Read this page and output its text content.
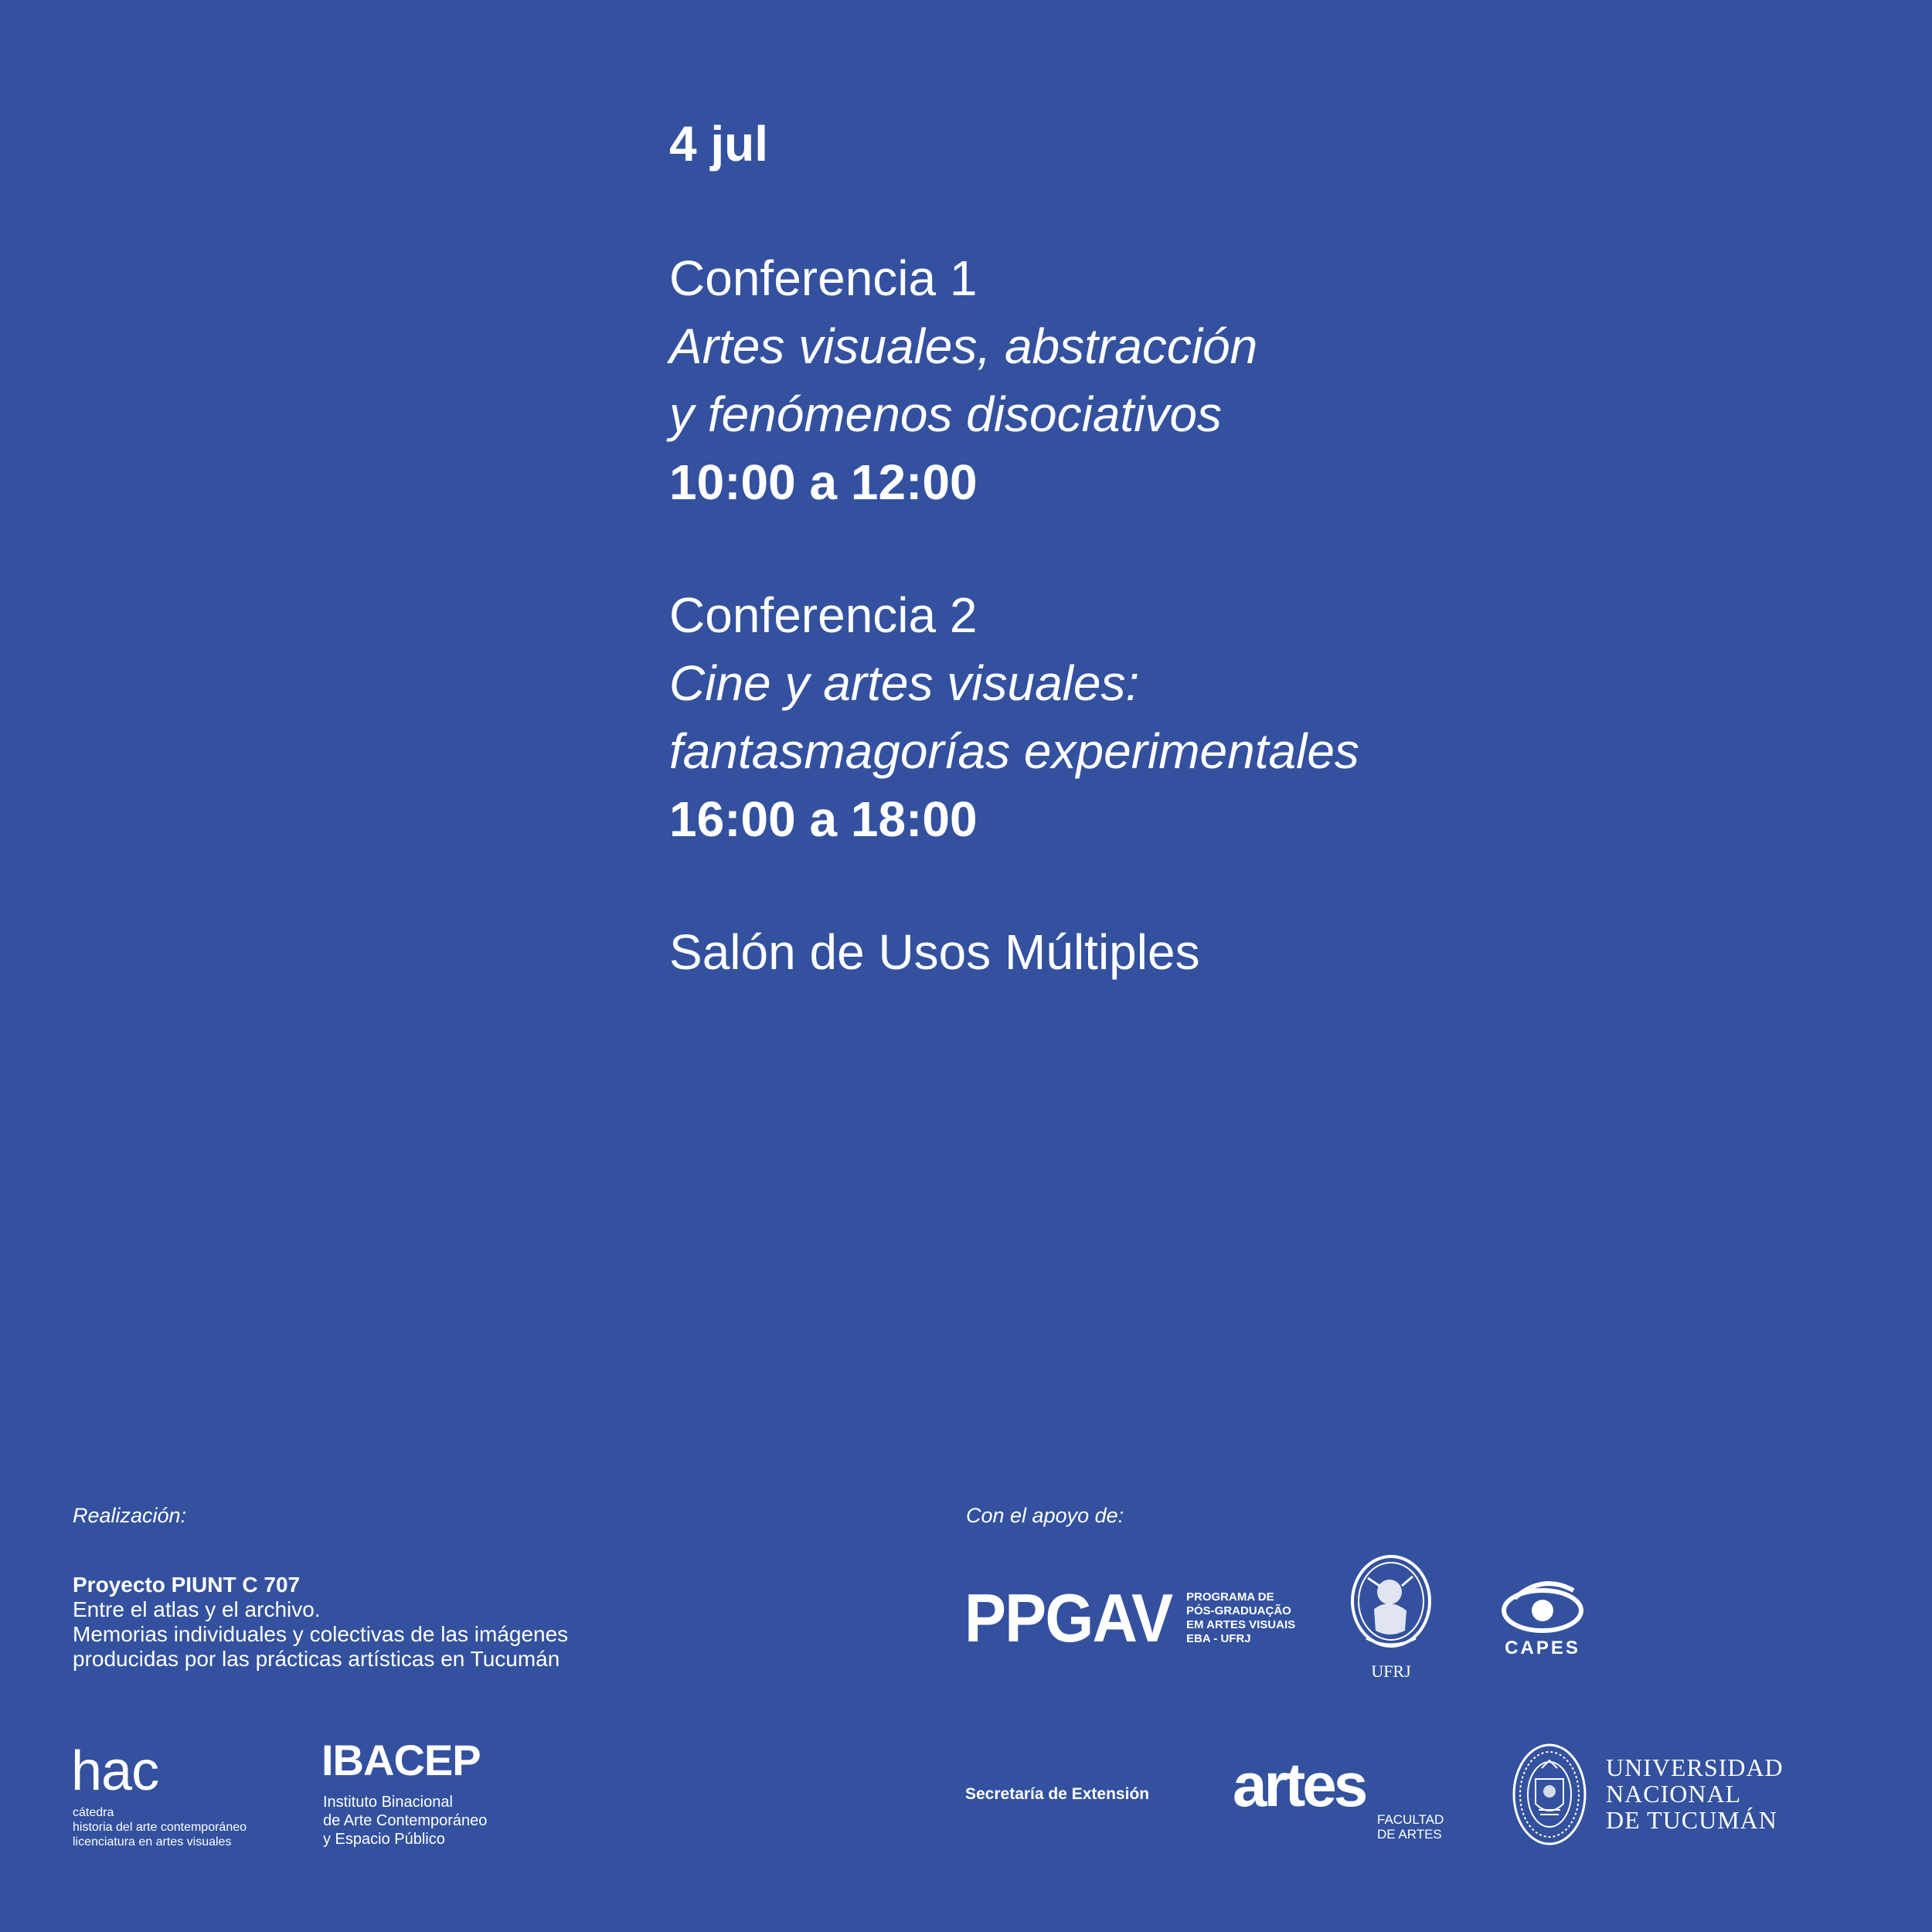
4 jul
Conferencia 1
Artes visuales, abstracción
y fenómenos disociativos
10:00 a 12:00
Conferencia 2
Cine y artes visuales:
fantasmagorías experimentales
16:00 a 18:00
Salón de Usos Múltiples
Realización:
Proyecto PIUNT C 707
Entre el atlas y el archivo.
Memorias individuales y colectivas de las imágenes
producidas por las prácticas artísticas en Tucumán
hac
cátedra
historia del arte contemporáneo
licenciatura en artes visuales
IBACEP
Instituto Binacional
de Arte Contemporáneo
y Espacio Público
Con el apoyo de:
PPGAV PROGRAMA DE
PÓS-GRADUAÇÃO
EM ARTES VISUAIS
EBA - UFRJ
UFRJ
CAPES
Secretaría de Extensión artes
FACULTAD
DE ARTES
UNIVERSIDAD
NACIONAL
DE TUCUMÁN
